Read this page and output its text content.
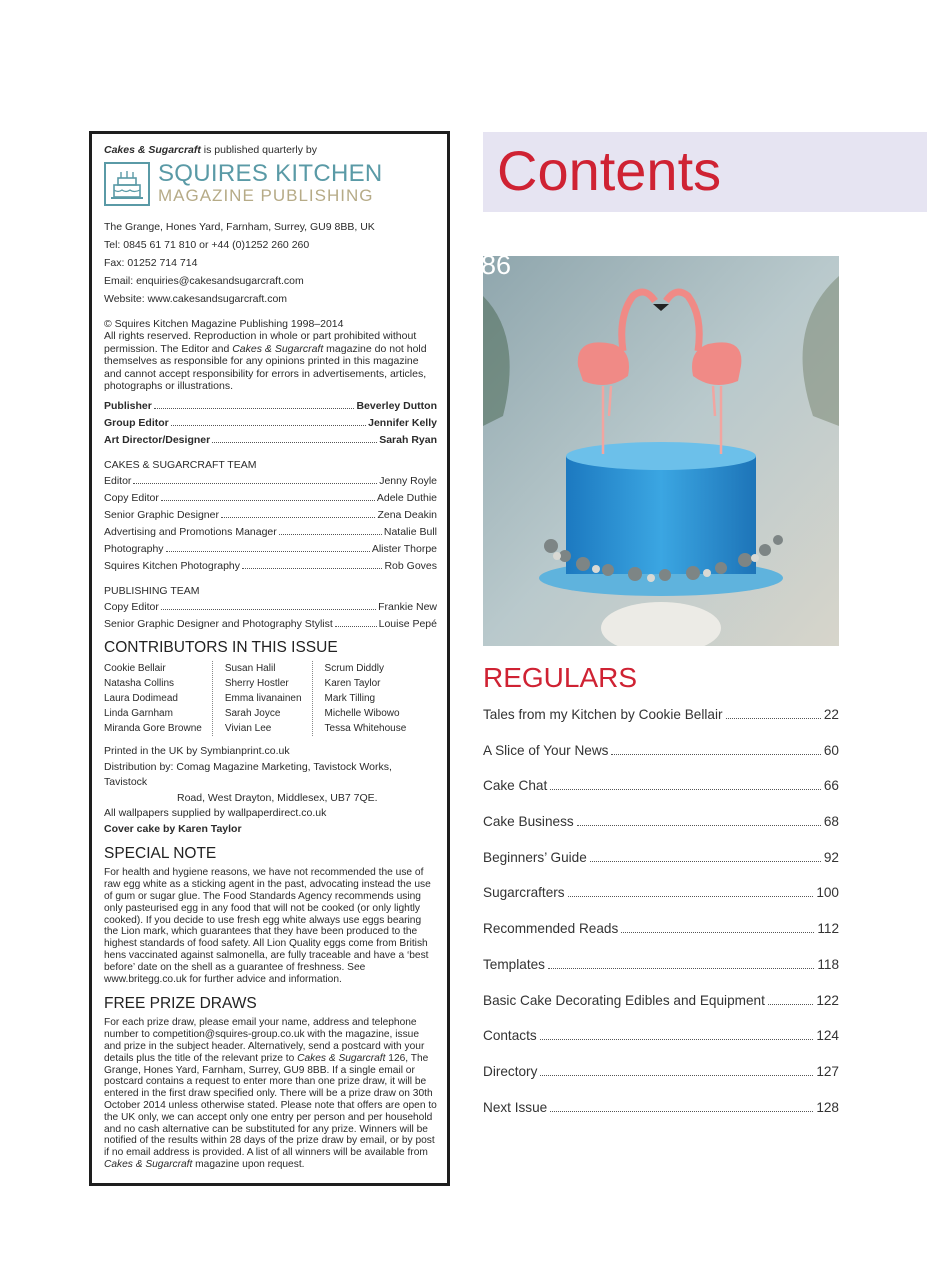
Cakes & Sugarcraft is published quarterly by

SQUIRES KITCHEN
MAGAZINE PUBLISHING
The Grange, Hones Yard, Farnham, Surrey, GU9 8BB, UK
Tel: 0845 61 71 810 or +44 (0)1252 260 260
Fax: 01252 714 714
Email: enquiries@cakesandsugarcraft.com
Website: www.cakesandsugarcraft.com
© Squires Kitchen Magazine Publishing 1998–2014
All rights reserved. Reproduction in whole or part prohibited without permission. The Editor and Cakes & Sugarcraft magazine do not hold themselves as responsible for any opinions printed in this magazine and cannot accept responsibility for errors in advertisements, articles, photographs or illustrations.
Publisher	Beverley Dutton
Group Editor	Jennifer Kelly
Art Director/Designer	Sarah Ryan
CAKES & SUGARCRAFT TEAM
Editor	Jenny Royle
Copy Editor	Adele Duthie
Senior Graphic Designer	Zena Deakin
Advertising and Promotions Manager	Natalie Bull
Photography	Alister Thorpe
Squires Kitchen Photography	Rob Goves
PUBLISHING TEAM
Copy Editor	Frankie New
Senior Graphic Designer and Photography Stylist	Louise Pepé
CONTRIBUTORS IN THIS ISSUE
Cookie Bellair
Natasha Collins
Laura Dodimead
Linda Garnham
Miranda Gore Browne
Susan Halil
Sherry Hostler
Emma livanainen
Sarah Joyce
Vivian Lee
Scrum Diddly
Karen Taylor
Mark Tilling
Michelle Wibowo
Tessa Whitehouse
Printed in the UK by Symbianprint.co.uk
Distribution by: Comag Magazine Marketing, Tavistock Works, Tavistock
Road, West Drayton, Middlesex, UB7 7QE.
All wallpapers supplied by wallpaperdirect.co.uk
Cover cake by Karen Taylor
SPECIAL NOTE
For health and hygiene reasons, we have not recommended the use of raw egg white as a sticking agent in the past, advocating instead the use of gum or sugar glue. The Food Standards Agency recommends using only pasteurised egg in any food that will not be cooked (or only lightly cooked). If you decide to use fresh egg white always use eggs bearing the Lion mark, which guarantees that they have been produced to the highest standards of food safety. All Lion Quality eggs come from British hens vaccinated against salmonella, are fully traceable and have a ‘best before’ date on the shell as a guarantee of freshness. See www.britegg.co.uk for further advice and information.
FREE PRIZE DRAWS
For each prize draw, please email your name, address and telephone number to competition@squires-group.co.uk with the magazine, issue and prize in the subject header. Alternatively, send a postcard with your details plus the title of the relevant prize to Cakes & Sugarcraft 126, The Grange, Hones Yard, Farnham, Surrey, GU9 8BB. If a single email or postcard contains a request to enter more than one prize draw, it will be entered in the first draw specified only. There will be a prize draw on 30th October 2014 unless otherwise stated. Please note that offers are open to the UK only, we can accept only one entry per person and per household and no cash alternative can be substituted for any prize. Winners will be notified of the results within 28 days of the prize draw by email, or by post if no email address is provided. A list of all winners will be available from Cakes & Sugarcraft magazine upon request.
Contents
86
REGULARS
Tales from my Kitchen by Cookie Bellair	22
A Slice of Your News	60
Cake Chat	66
Cake Business	68
Beginners’ Guide	92
Sugarcrafters	100
Recommended Reads	112
Templates	118
Basic Cake Decorating Edibles and Equipment	122
Contacts	124
Directory	127
Next Issue	128
